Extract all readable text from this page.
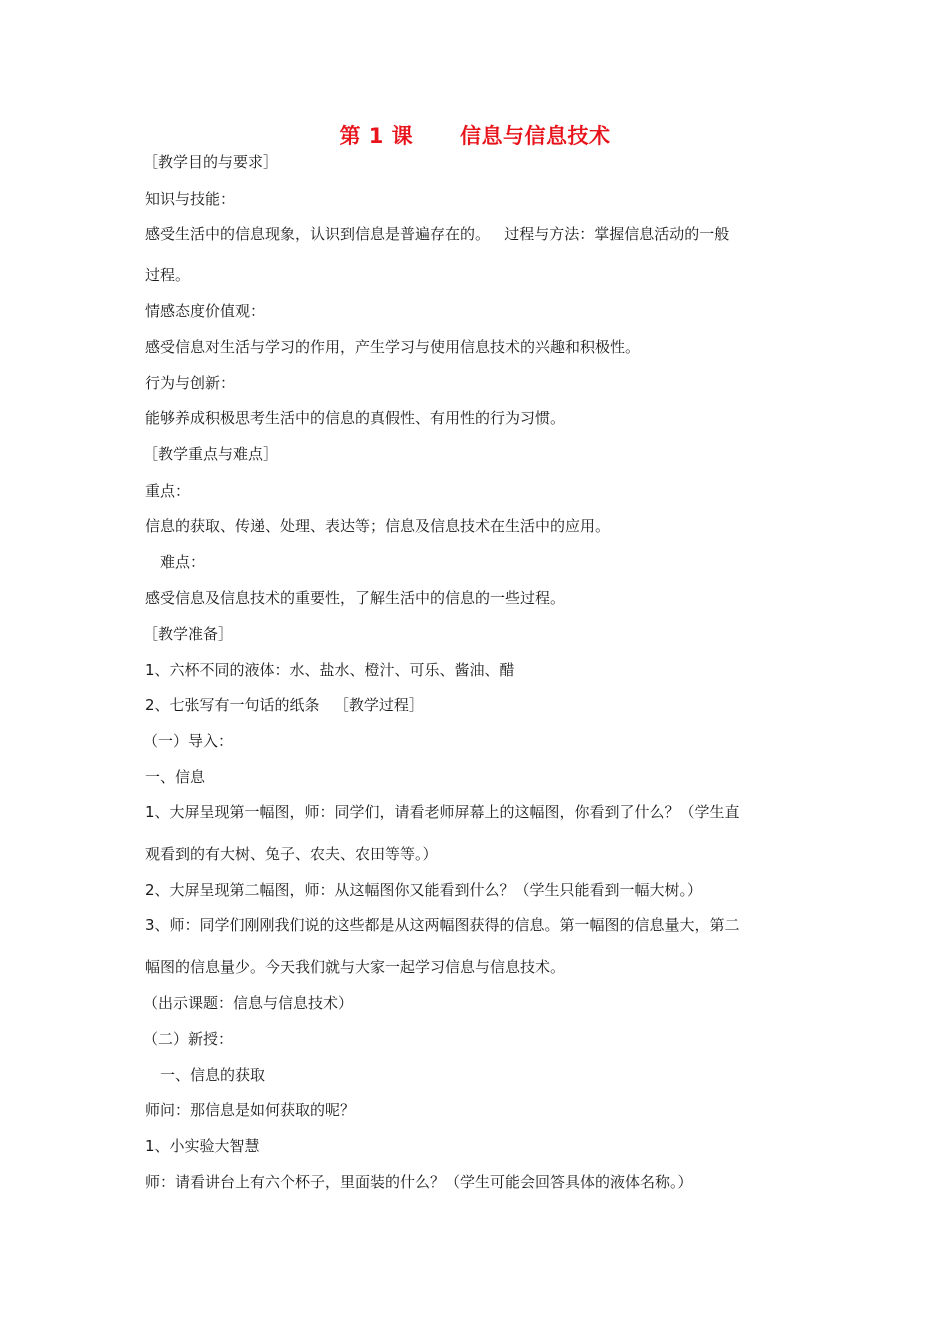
第 1 课      信息与信息技术
［教学目的与要求］
知识与技能：
感受生活中的信息现象，认识到信息是普遍存在的。   过程与方法：掌握信息活动的一般
过程。
情感态度价值观：
感受信息对生活与学习的作用，产生学习与使用信息技术的兴趣和积极性。
行为与创新：
能够养成积极思考生活中的信息的真假性、有用性的行为习惯。
［教学重点与难点］
重点：
信息的获取、传递、处理、表达等；信息及信息技术在生活中的应用。
难点：
感受信息及信息技术的重要性，了解生活中的信息的一些过程。
［教学准备］
1、六杯不同的液体：水、盐水、橙汁、可乐、酱油、醋
2、七张写有一句话的纸条   ［教学过程］
（一）导入：
一、信息
1、大屏呈现第一幅图，师：同学们，请看老师屏幕上的这幅图，你看到了什么？（学生直
观看到的有大树、兔子、农夫、农田等等。）
2、大屏呈现第二幅图，师：从这幅图你又能看到什么？（学生只能看到一幅大树。）
3、师：同学们刚刚我们说的这些都是从这两幅图获得的信息。第一幅图的信息量大，第二
幅图的信息量少。今天我们就与大家一起学习信息与信息技术。
（出示课题：信息与信息技术）
（二）新授：
一、信息的获取
师问：那信息是如何获取的呢？
1、小实验大智慧
师：请看讲台上有六个杯子，里面装的什么？（学生可能会回答具体的液体名称。）
